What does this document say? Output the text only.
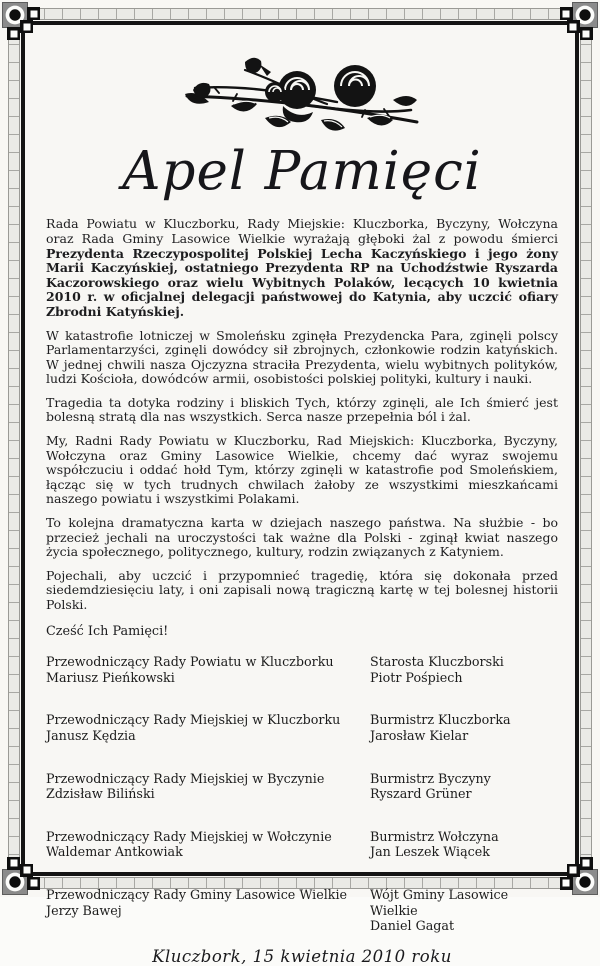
Apel Pamięci

Rada Powiatu w Kluczborku, Rady Miejskie: Kluczborka, Byczyny, Wołczyna oraz Rada Gminy Lasowice Wielkie wyrażają głęboki żal z powodu śmierci Prezydenta Rzeczypospolitej Polskiej Lecha Kaczyńskiego i jego żony Marii Kaczyńskiej, ostatniego Prezydenta RP na Uchodźstwie Ryszarda Kaczorowskiego oraz wielu Wybitnych Polaków, lecących 10 kwietnia 2010 r. w oficjalnej delegacji państwowej do Katynia, aby uczcić ofiary Zbrodni Katyńskiej.

W katastrofie lotniczej w Smoleńsku zginęła Prezydencka Para, zginęli polscy Parlamentarzyści, zginęli dowódcy sił zbrojnych, członkowie rodzin katyńskich. W jednej chwili nasza Ojczyzna straciła Prezydenta, wielu wybitnych polityków, ludzi Kościoła, dowódców armii, osobistości polskiej polityki, kultury i nauki.

Tragedia ta dotyka rodziny i bliskich Tych, którzy zginęli, ale Ich śmierć jest bolesną stratą dla nas wszystkich. Serca nasze przepełnia ból i żal.

My, Radni Rady Powiatu w Kluczborku, Rad Miejskich: Kluczborka, Byczyny, Wołczyna oraz Gminy Lasowice Wielkie, chcemy dać wyraz swojemu współczuciu i oddać hołd Tym, którzy zginęli w katastrofie pod Smoleńskiem, łącząc się w tych trudnych chwilach żałoby ze wszystkimi mieszkańcami naszego powiatu i wszystkimi Polakami.

To kolejna dramatyczna karta w dziejach naszego państwa. Na służbie - bo przecież jechali na uroczystości tak ważne dla Polski - zginął kwiat naszego życia społecznego, politycznego, kultury, rodzin związanych z Katyniem.

Pojechali, aby uczcić i przypomnieć tragedię, która się dokonała przed siedemdziesięciu laty, i oni zapisali nową tragiczną kartę w tej bolesnej historii Polski.

Cześć Ich Pamięci!

Przewodniczący Rady Powiatu w Kluczborku
Mariusz Pieńkowski
Starosta Kluczborski
Piotr Pośpiech
Przewodniczący Rady Miejskiej w Kluczborku
Janusz Kędzia
Burmistrz Kluczborka
Jarosław Kielar
Przewodniczący Rady Miejskiej w Byczynie
Zdzisław Biliński
Burmistrz Byczyny
Ryszard Grüner
Przewodniczący Rady Miejskiej w Wołczynie
Waldemar Antkowiak
Burmistrz Wołczyna
Jan Leszek Wiącek
Przewodniczący Rady Gminy Lasowice Wielkie
Jerzy Bawej
Wójt Gminy Lasowice Wielkie
Daniel Gagat
Kluczbork, 15 kwietnia 2010 roku
